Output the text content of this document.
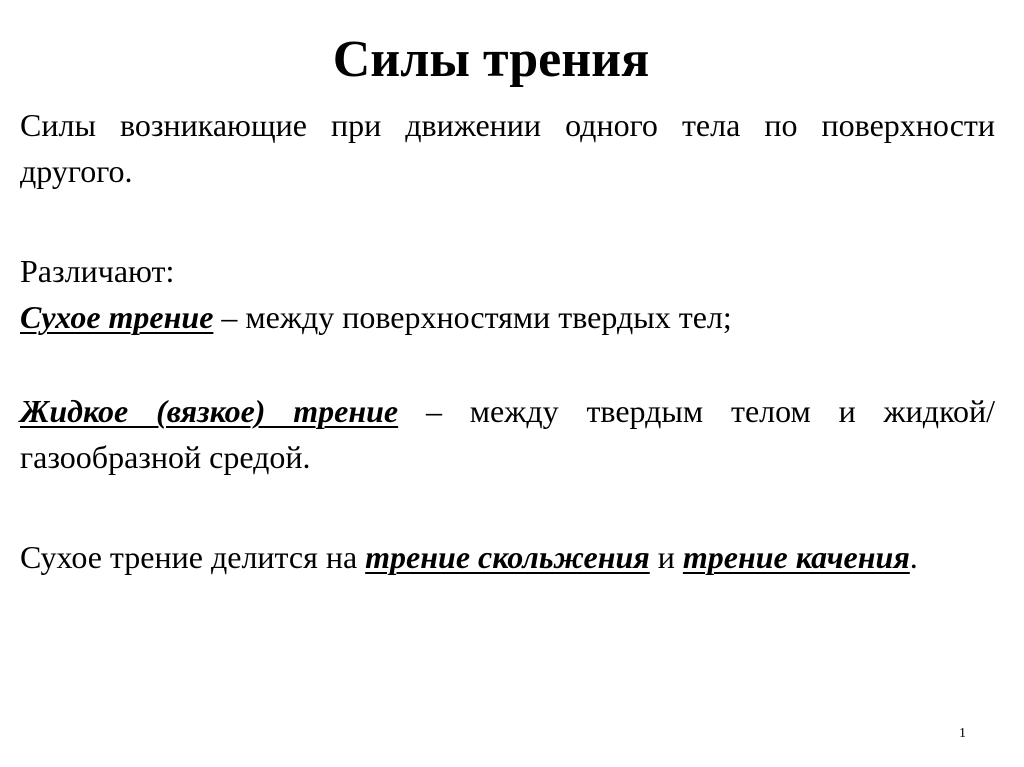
Силы трения

Силы возникающие при движении одного тела по поверхности другого.

Различают:

Сухое трение – между поверхностями твердых тел;

Жидкое (вязкое) трение – между твердым телом и жидкой/газообразной средой.

Сухое трение делится на трение скольжения и трение качения.

1
